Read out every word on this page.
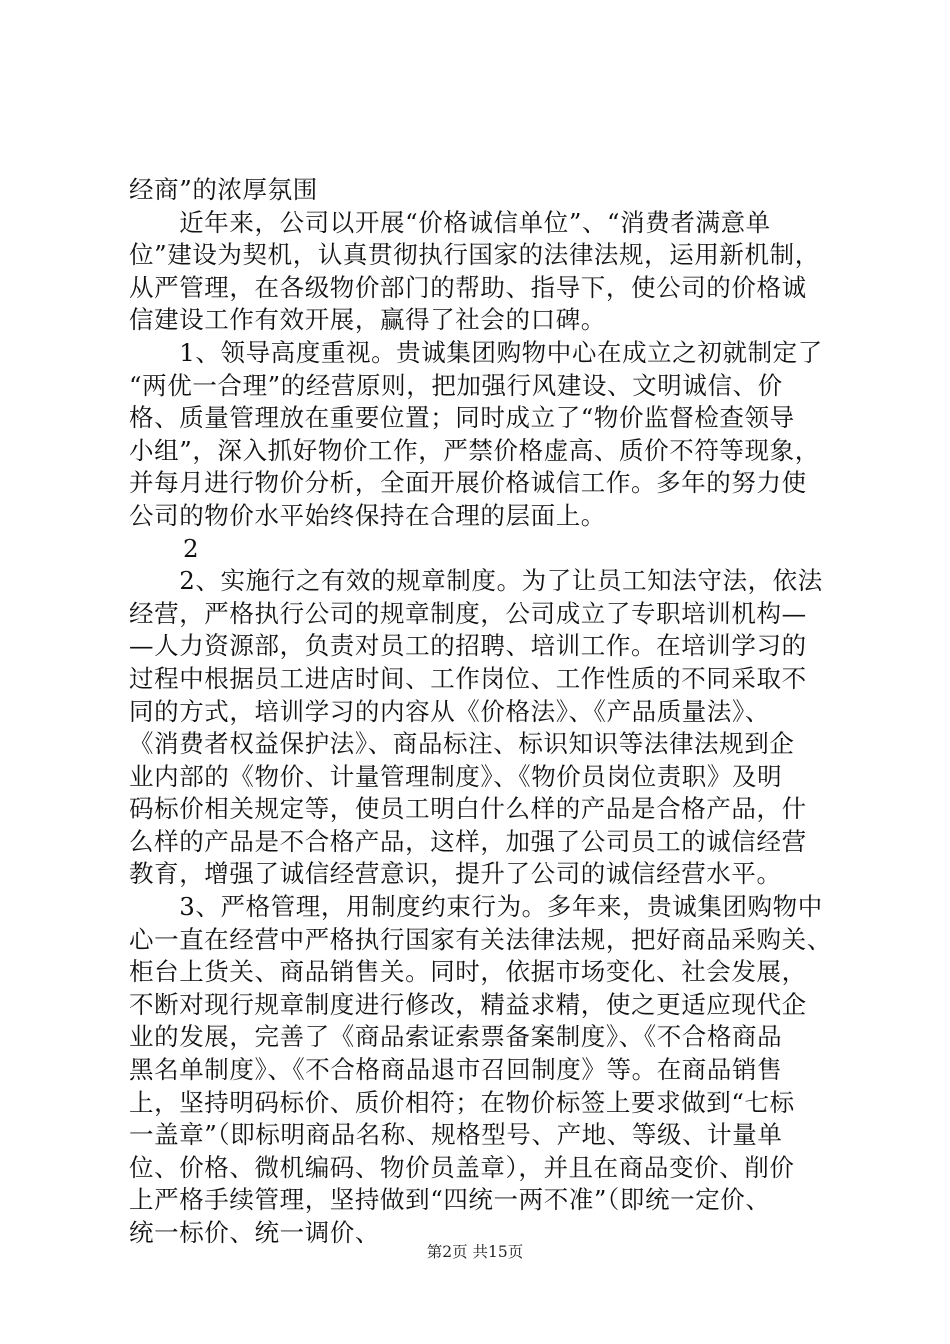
经商”的浓厚氛围
　　近年来，公司以开展“价格诚信单位”、“消费者满意单
位”建设为契机，认真贯彻执行国家的法律法规，运用新机制，
从严管理，在各级物价部门的帮助、指导下，使公司的价格诚
信建设工作有效开展，赢得了社会的口碑。
　　1、领导高度重视。贵诚集团购物中心在成立之初就制定了
“两优一合理”的经营原则，把加强行风建设、文明诚信、价
格、质量管理放在重要位置；同时成立了“物价监督检查领导
小组”，深入抓好物价工作，严禁价格虚高、质价不符等现象，
并每月进行物价分析，全面开展价格诚信工作。多年的努力使
公司的物价水平始终保持在合理的层面上。
2
　　2、实施行之有效的规章制度。为了让员工知法守法，依法
经营，严格执行公司的规章制度，公司成立了专职培训机构—
—人力资源部，负责对员工的招聘、培训工作。在培训学习的
过程中根据员工进店时间、工作岗位、工作性质的不同采取不
同的方式，培训学习的内容从《价格法》、《产品质量法》、
《消费者权益保护法》、商品标注、标识知识等法律法规到企
业内部的《物价、计量管理制度》、《物价员岗位责职》及明
码标价相关规定等，使员工明白什么样的产品是合格产品，什
么样的产品是不合格产品，这样，加强了公司员工的诚信经营
教育，增强了诚信经营意识，提升了公司的诚信经营水平。
　　3、严格管理，用制度约束行为。多年来，贵诚集团购物中
心一直在经营中严格执行国家有关法律法规，把好商品采购关、
柜台上货关、商品销售关。同时，依据市场变化、社会发展，
不断对现行规章制度进行修改，精益求精，使之更适应现代企
业的发展，完善了《商品索证索票备案制度》、《不合格商品
黑名单制度》、《不合格商品退市召回制度》等。在商品销售
上，坚持明码标价、质价相符；在物价标签上要求做到“七标
一盖章”（即标明商品名称、规格型号、产地、等级、计量单
位、价格、微机编码、物价员盖章），并且在商品变价、削价
上严格手续管理，坚持做到“四统一两不准”（即统一定价、
统一标价、统一调价、
第2页 共15页
